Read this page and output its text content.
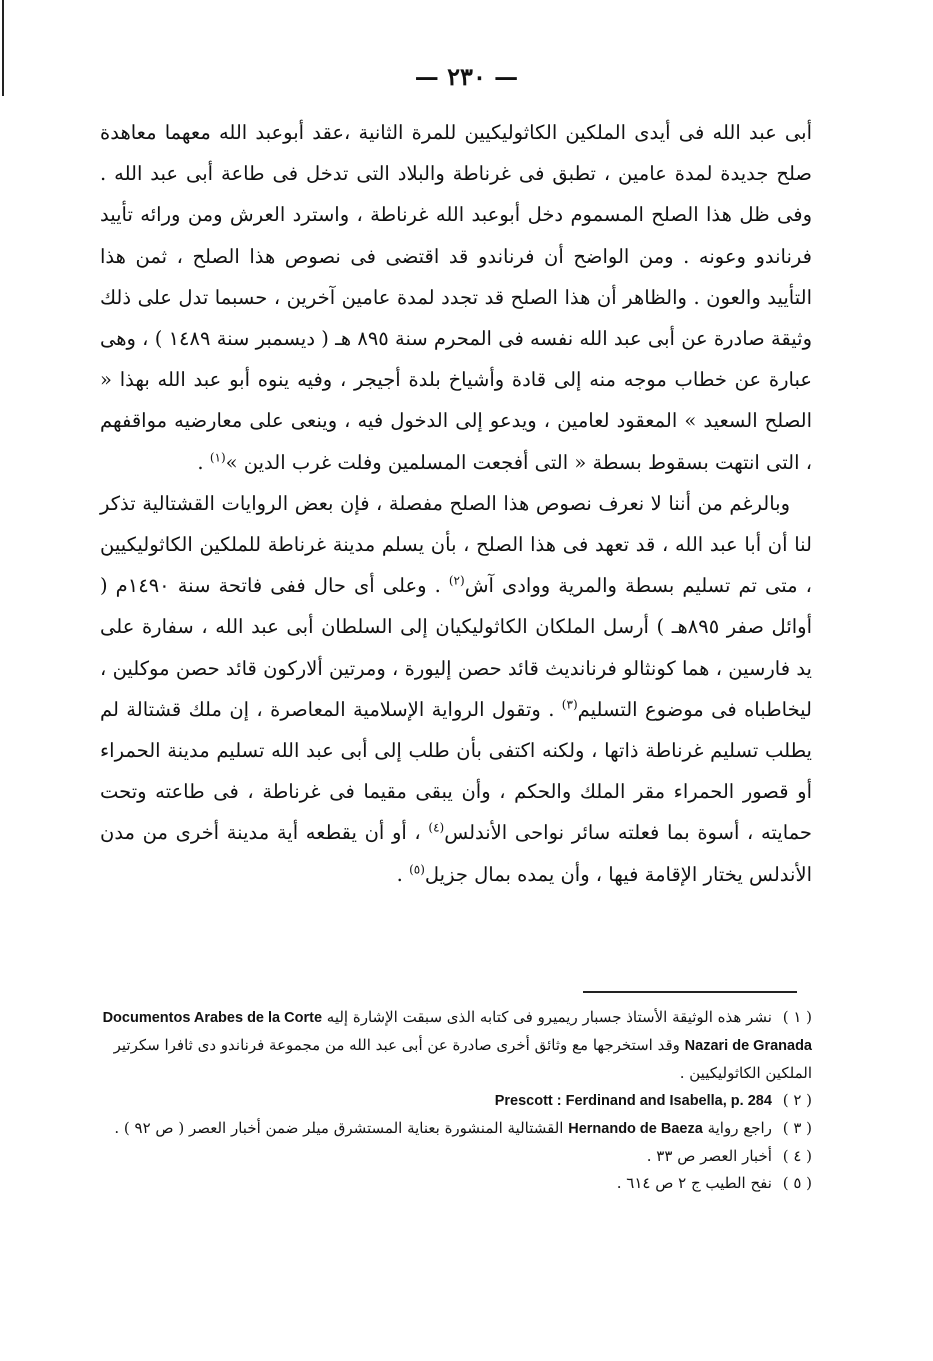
— ٢٣٠ —

أبى عبد الله فى أيدى الملكين الكاثوليكيين للمرة الثانية ،عقد أبوعبد الله معهما معاهدة صلح جديدة لمدة عامين ، تطبق فى غرناطة والبلاد التى تدخل فى طاعة أبى عبد الله . وفى ظل هذا الصلح المسموم دخل أبوعبد الله غرناطة ، واسترد العرش ومن ورائه تأييد فرناندو وعونه . ومن الواضح أن فرناندو قد اقتضى فى نصوص هذا الصلح ، ثمن هذا التأييد والعون . والظاهر أن هذا الصلح قد تجدد لمدة عامين آخرين ، حسبما تدل على ذلك وثيقة صادرة عن أبى عبد الله نفسه فى المحرم سنة ٨٩٥ هـ ( ديسمبر سنة ١٤٨٩ ) ، وهى عبارة عن خطاب موجه منه إلى قادة وأشياخ بلدة أجيجر ، وفيه ينوه أبو عبد الله بهذا « الصلح السعيد » المعقود لعامين ، ويدعو إلى الدخول فيه ، وينعى على معارضيه مواقفهم ، التى انتهت بسقوط بسطة « التى أفجعت المسلمين وفلت غرب الدين »$^{(١)}$ .

وبالرغم من أننا لا نعرف نصوص هذا الصلح مفصلة ، فإن بعض الروايات القشتالية تذكر لنا أن أبا عبد الله ، قد تعهد فى هذا الصلح ، بأن يسلم مدينة غرناطة للملكين الكاثوليكيين ، متى تم تسليم بسطة والمرية ووادى آش$^{(٢)}$ . وعلى أى حال ففى فاتحة سنة ١٤٩٠م ( أوائل صفر ٨٩٥هـ ) أرسل الملكان الكاثوليكيان إلى السلطان أبى عبد الله ، سفارة على يد فارسين ، هما كونثالو فرنانديث قائد حصن إليورة ، ومرتين ألاركون قائد حصن موكلين ، ليخاطباه فى موضوع التسليم$^{(٣)}$ . وتقول الرواية الإسلامية المعاصرة ، إن ملك قشتالة لم يطلب تسليم غرناطة ذاتها ، ولكنه اكتفى بأن طلب إلى أبى عبد الله تسليم مدينة الحمراء أو قصور الحمراء مقر الملك والحكم ، وأن يبقى مقيما فى غرناطة ، فى طاعته وتحت حمايته ، أسوة بما فعلته سائر نواحى الأندلس$^{(٤)}$ ، أو أن يقطعه أية مدينة أخرى من مدن الأندلس يختار الإقامة فيها ، وأن يمده بمال جزيل$^{(٥)}$ .

( ١ ) نشر هذه الوثيقة الأستاذ جسبار ريميرو فى كتابه الذى سبقت الإشارة إليه Documentos Arabes de la Corte Nazari de Granada وقد استخرجها مع وثائق أخرى صادرة عن أبى عبد الله من مجموعة فرناندو دى ثافرا سكرتير الملكين الكاثوليكيين .
( ٢ ) Prescott : Ferdinand and Isabella, p. 284
( ٣ ) راجع رواية Hernando de Baeza القشتالية المنشورة بعناية المستشرق ميلر ضمن أخبار العصر ( ص ٩٢ ) .
( ٤ ) أخبار العصر ص ٣٣ .
( ٥ ) نفح الطيب ج ٢ ص ٦١٤ .
